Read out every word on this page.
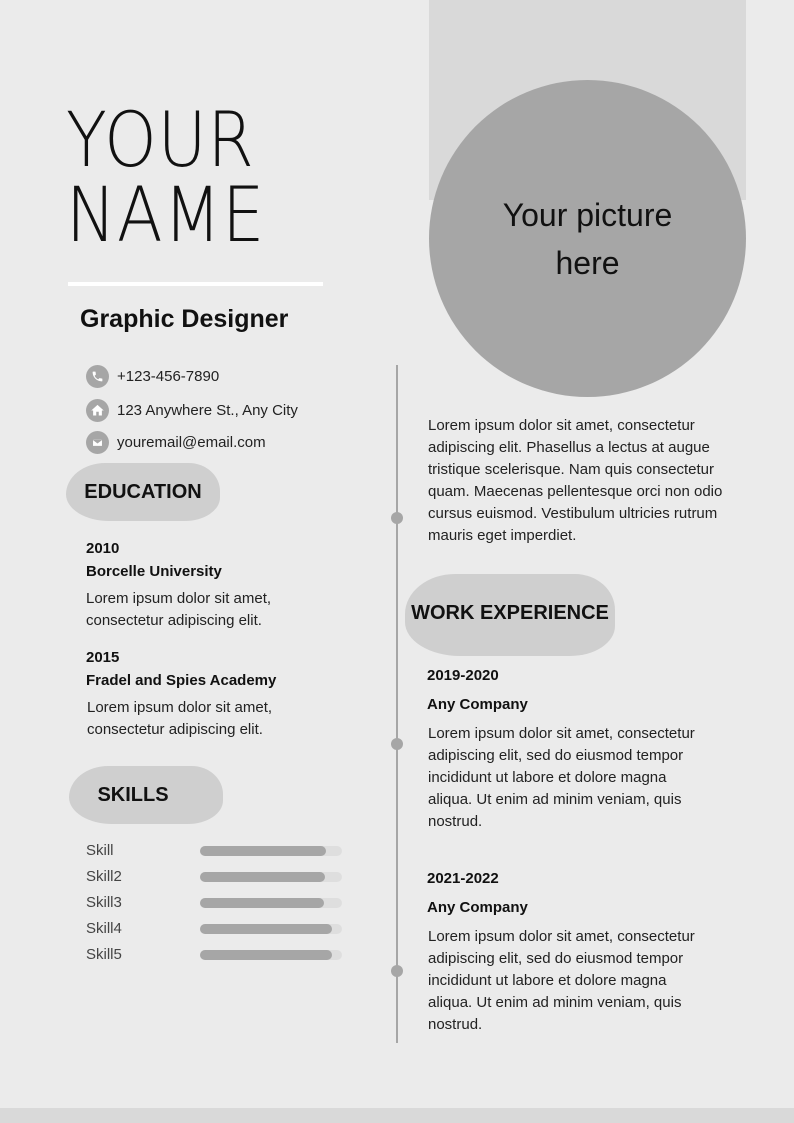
Your picture here
YOUR
NAME
Graphic Designer
+123-456-7890
123 Anywhere St., Any City
youremail@email.com
EDUCATION
2010
Borcelle University
Lorem ipsum dolor sit amet, consectetur adipiscing elit.
2015
Fradel and Spies Academy
Lorem ipsum dolor sit amet, consectetur adipiscing elit.
SKILLS
Skill
Skill2
Skill3
Skill4
Skill5
Lorem ipsum dolor sit amet, consectetur adipiscing elit. Phasellus a lectus at augue tristique scelerisque. Nam quis consectetur quam. Maecenas pellentesque orci non odio cursus euismod. Vestibulum ultricies rutrum mauris eget imperdiet.
WORK EXPERIENCE
2019-2020
Any Company
Lorem ipsum dolor sit amet, consectetur adipiscing elit, sed do eiusmod tempor incididunt ut labore et dolore magna aliqua. Ut enim ad minim veniam, quis nostrud.
2021-2022
Any Company
Lorem ipsum dolor sit amet, consectetur adipiscing elit, sed do eiusmod tempor incididunt ut labore et dolore magna aliqua. Ut enim ad minim veniam, quis nostrud.
